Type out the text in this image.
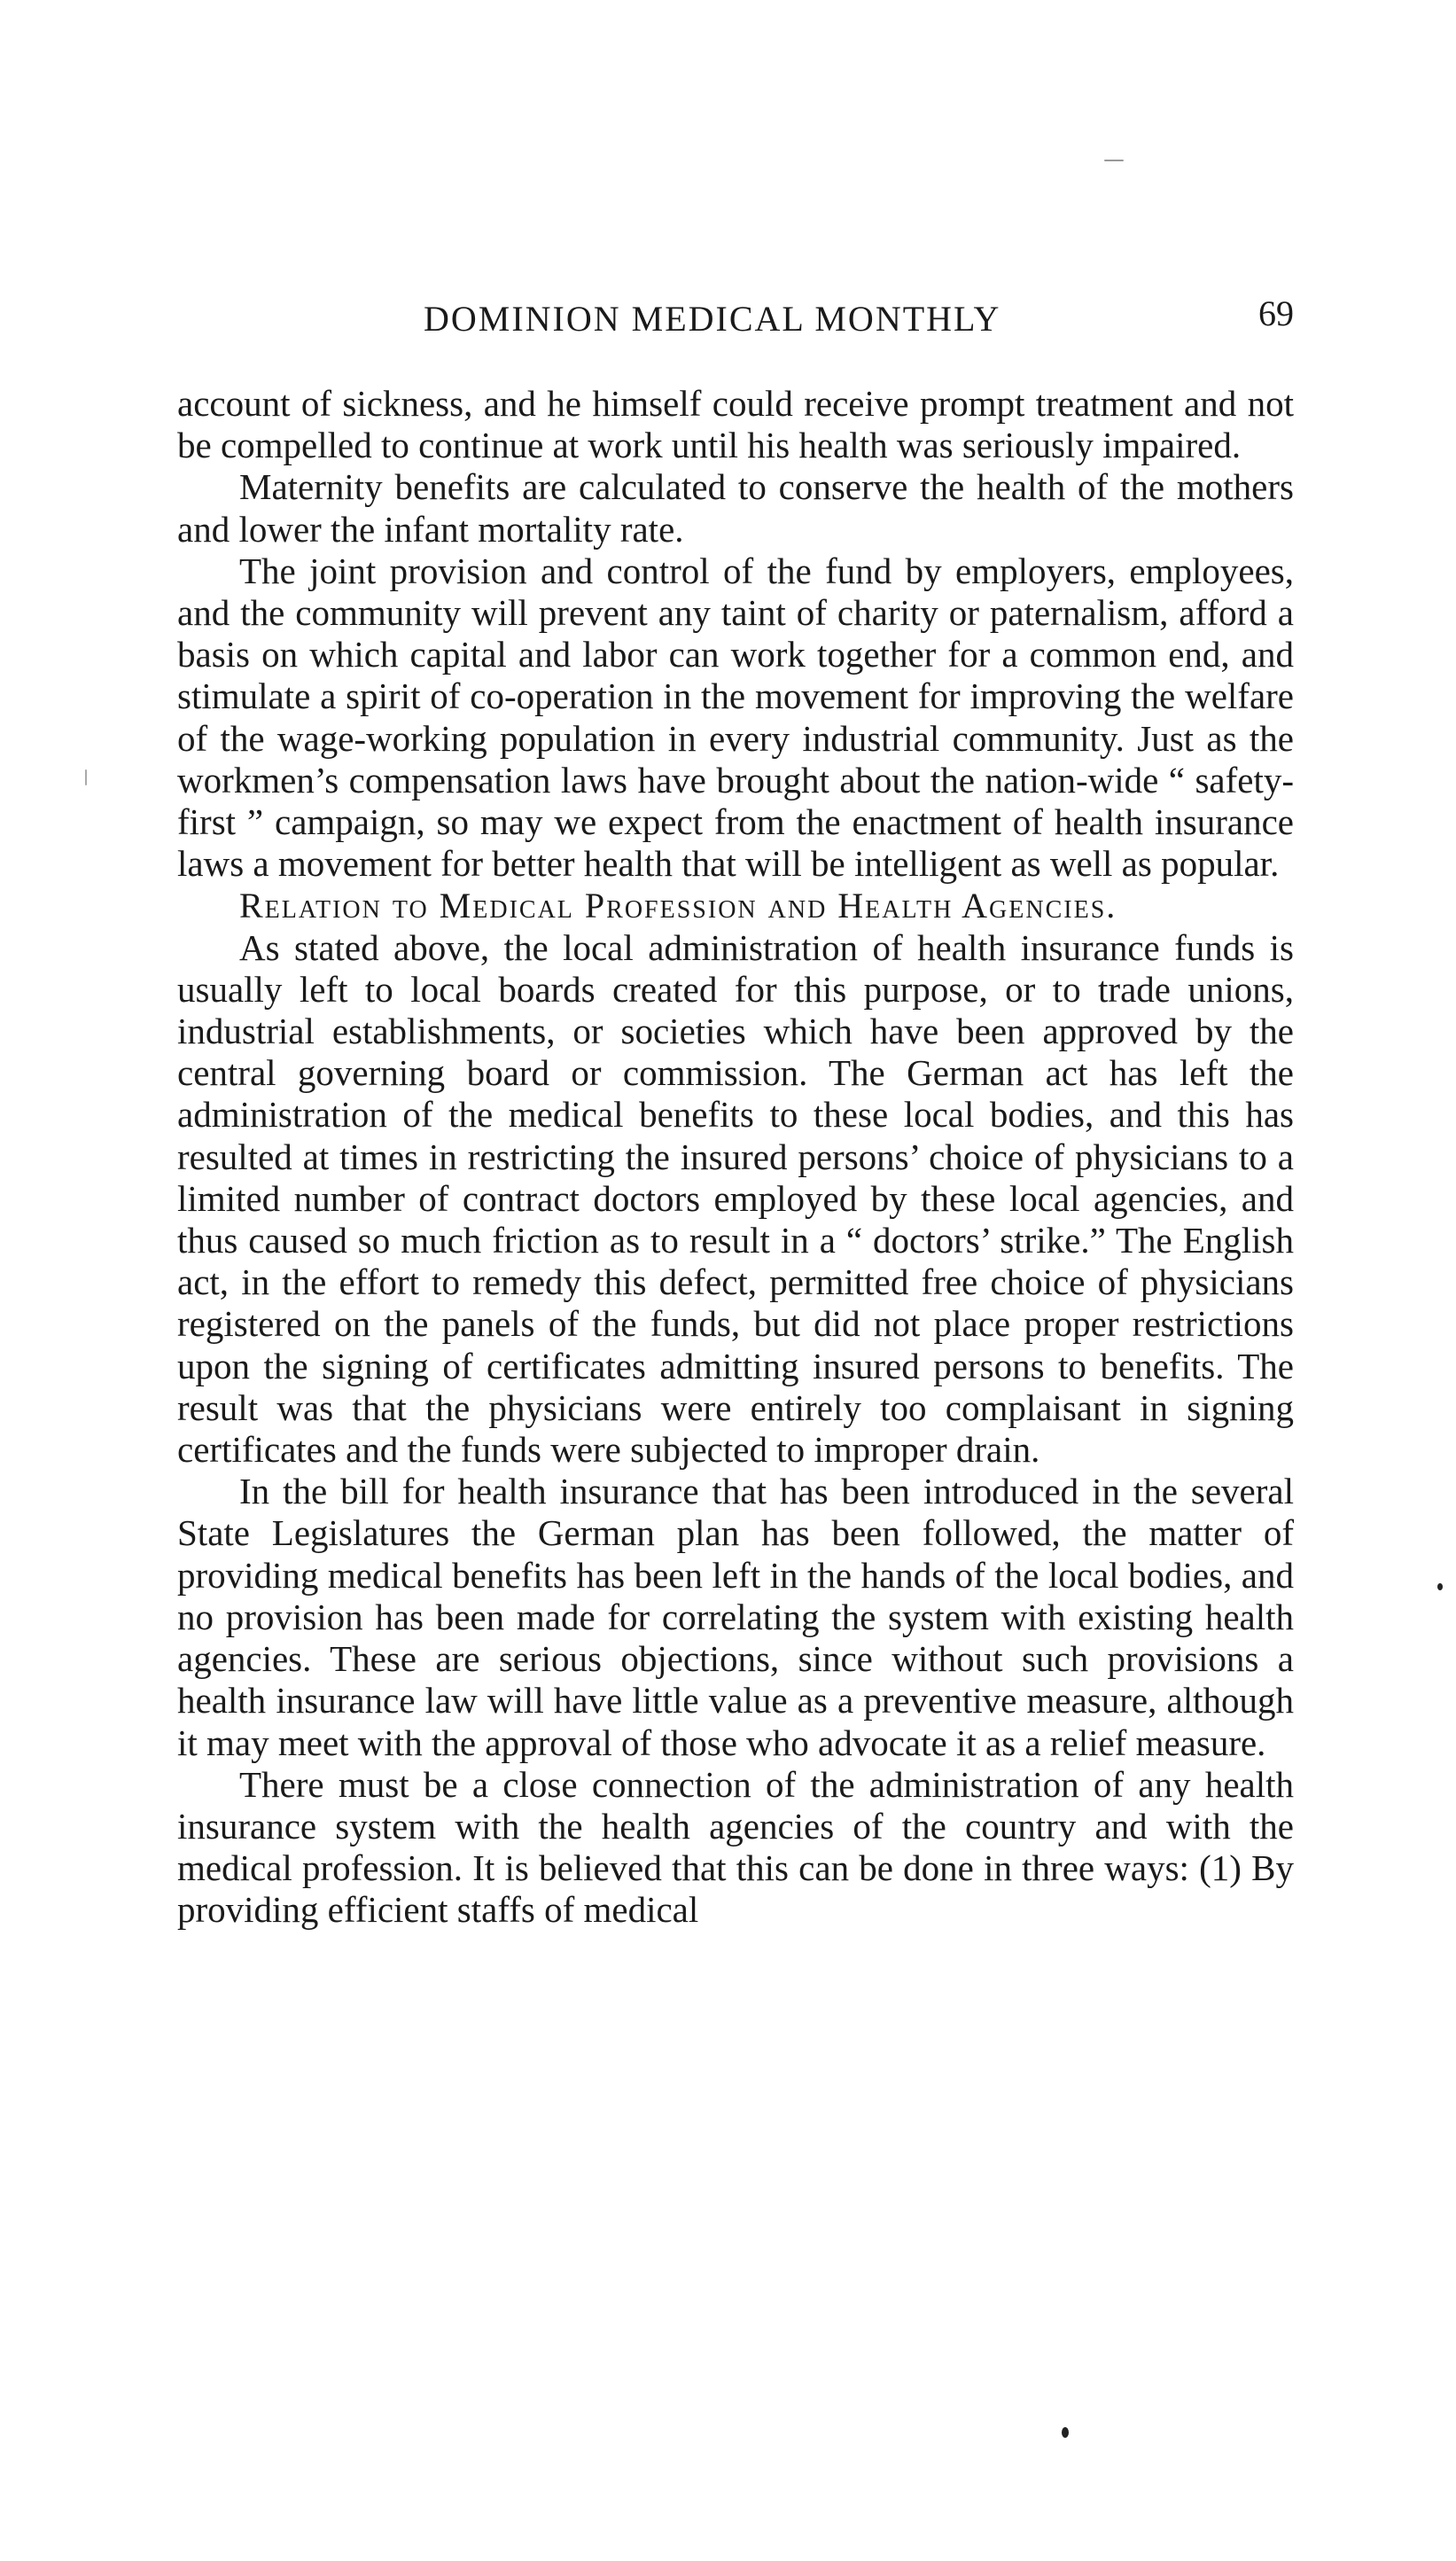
DOMINION MEDICAL MONTHLY	69

account of sickness, and he himself could receive prompt treatment and not be compelled to continue at work until his health was seriously impaired.

Maternity benefits are calculated to conserve the health of the mothers and lower the infant mortality rate.

The joint provision and control of the fund by employers, employees, and the community will prevent any taint of charity or paternalism, afford a basis on which capital and labor can work together for a common end, and stimulate a spirit of co-operation in the movement for improving the welfare of the wage-working population in every industrial community. Just as the workmen’s compensation laws have brought about the nation-wide “ safety-first ” campaign, so may we expect from the enactment of health insurance laws a movement for better health that will be intelligent as well as popular.

Relation to Medical Profession and Health Agencies.

As stated above, the local administration of health insurance funds is usually left to local boards created for this purpose, or to trade unions, industrial establishments, or societies which have been approved by the central governing board or commission. The German act has left the administration of the medical benefits to these local bodies, and this has resulted at times in restricting the insured persons’ choice of physicians to a limited number of contract doctors employed by these local agencies, and thus caused so much friction as to result in a “ doctors’ strike.” The English act, in the effort to remedy this defect, permitted free choice of physicians registered on the panels of the funds, but did not place proper restrictions upon the signing of certificates admitting insured persons to benefits. The result was that the physicians were entirely too complaisant in signing certificates and the funds were subjected to improper drain.

In the bill for health insurance that has been introduced in the several State Legislatures the German plan has been followed, the matter of providing medical benefits has been left in the hands of the local bodies, and no provision has been made for correlating the system with existing health agencies. These are serious objections, since without such provisions a health insurance law will have little value as a preventive measure, although it may meet with the approval of those who advocate it as a relief measure.

There must be a close connection of the administration of any health insurance system with the health agencies of the country and with the medical profession. It is believed that this can be done in three ways: (1) By providing efficient staffs of medical
